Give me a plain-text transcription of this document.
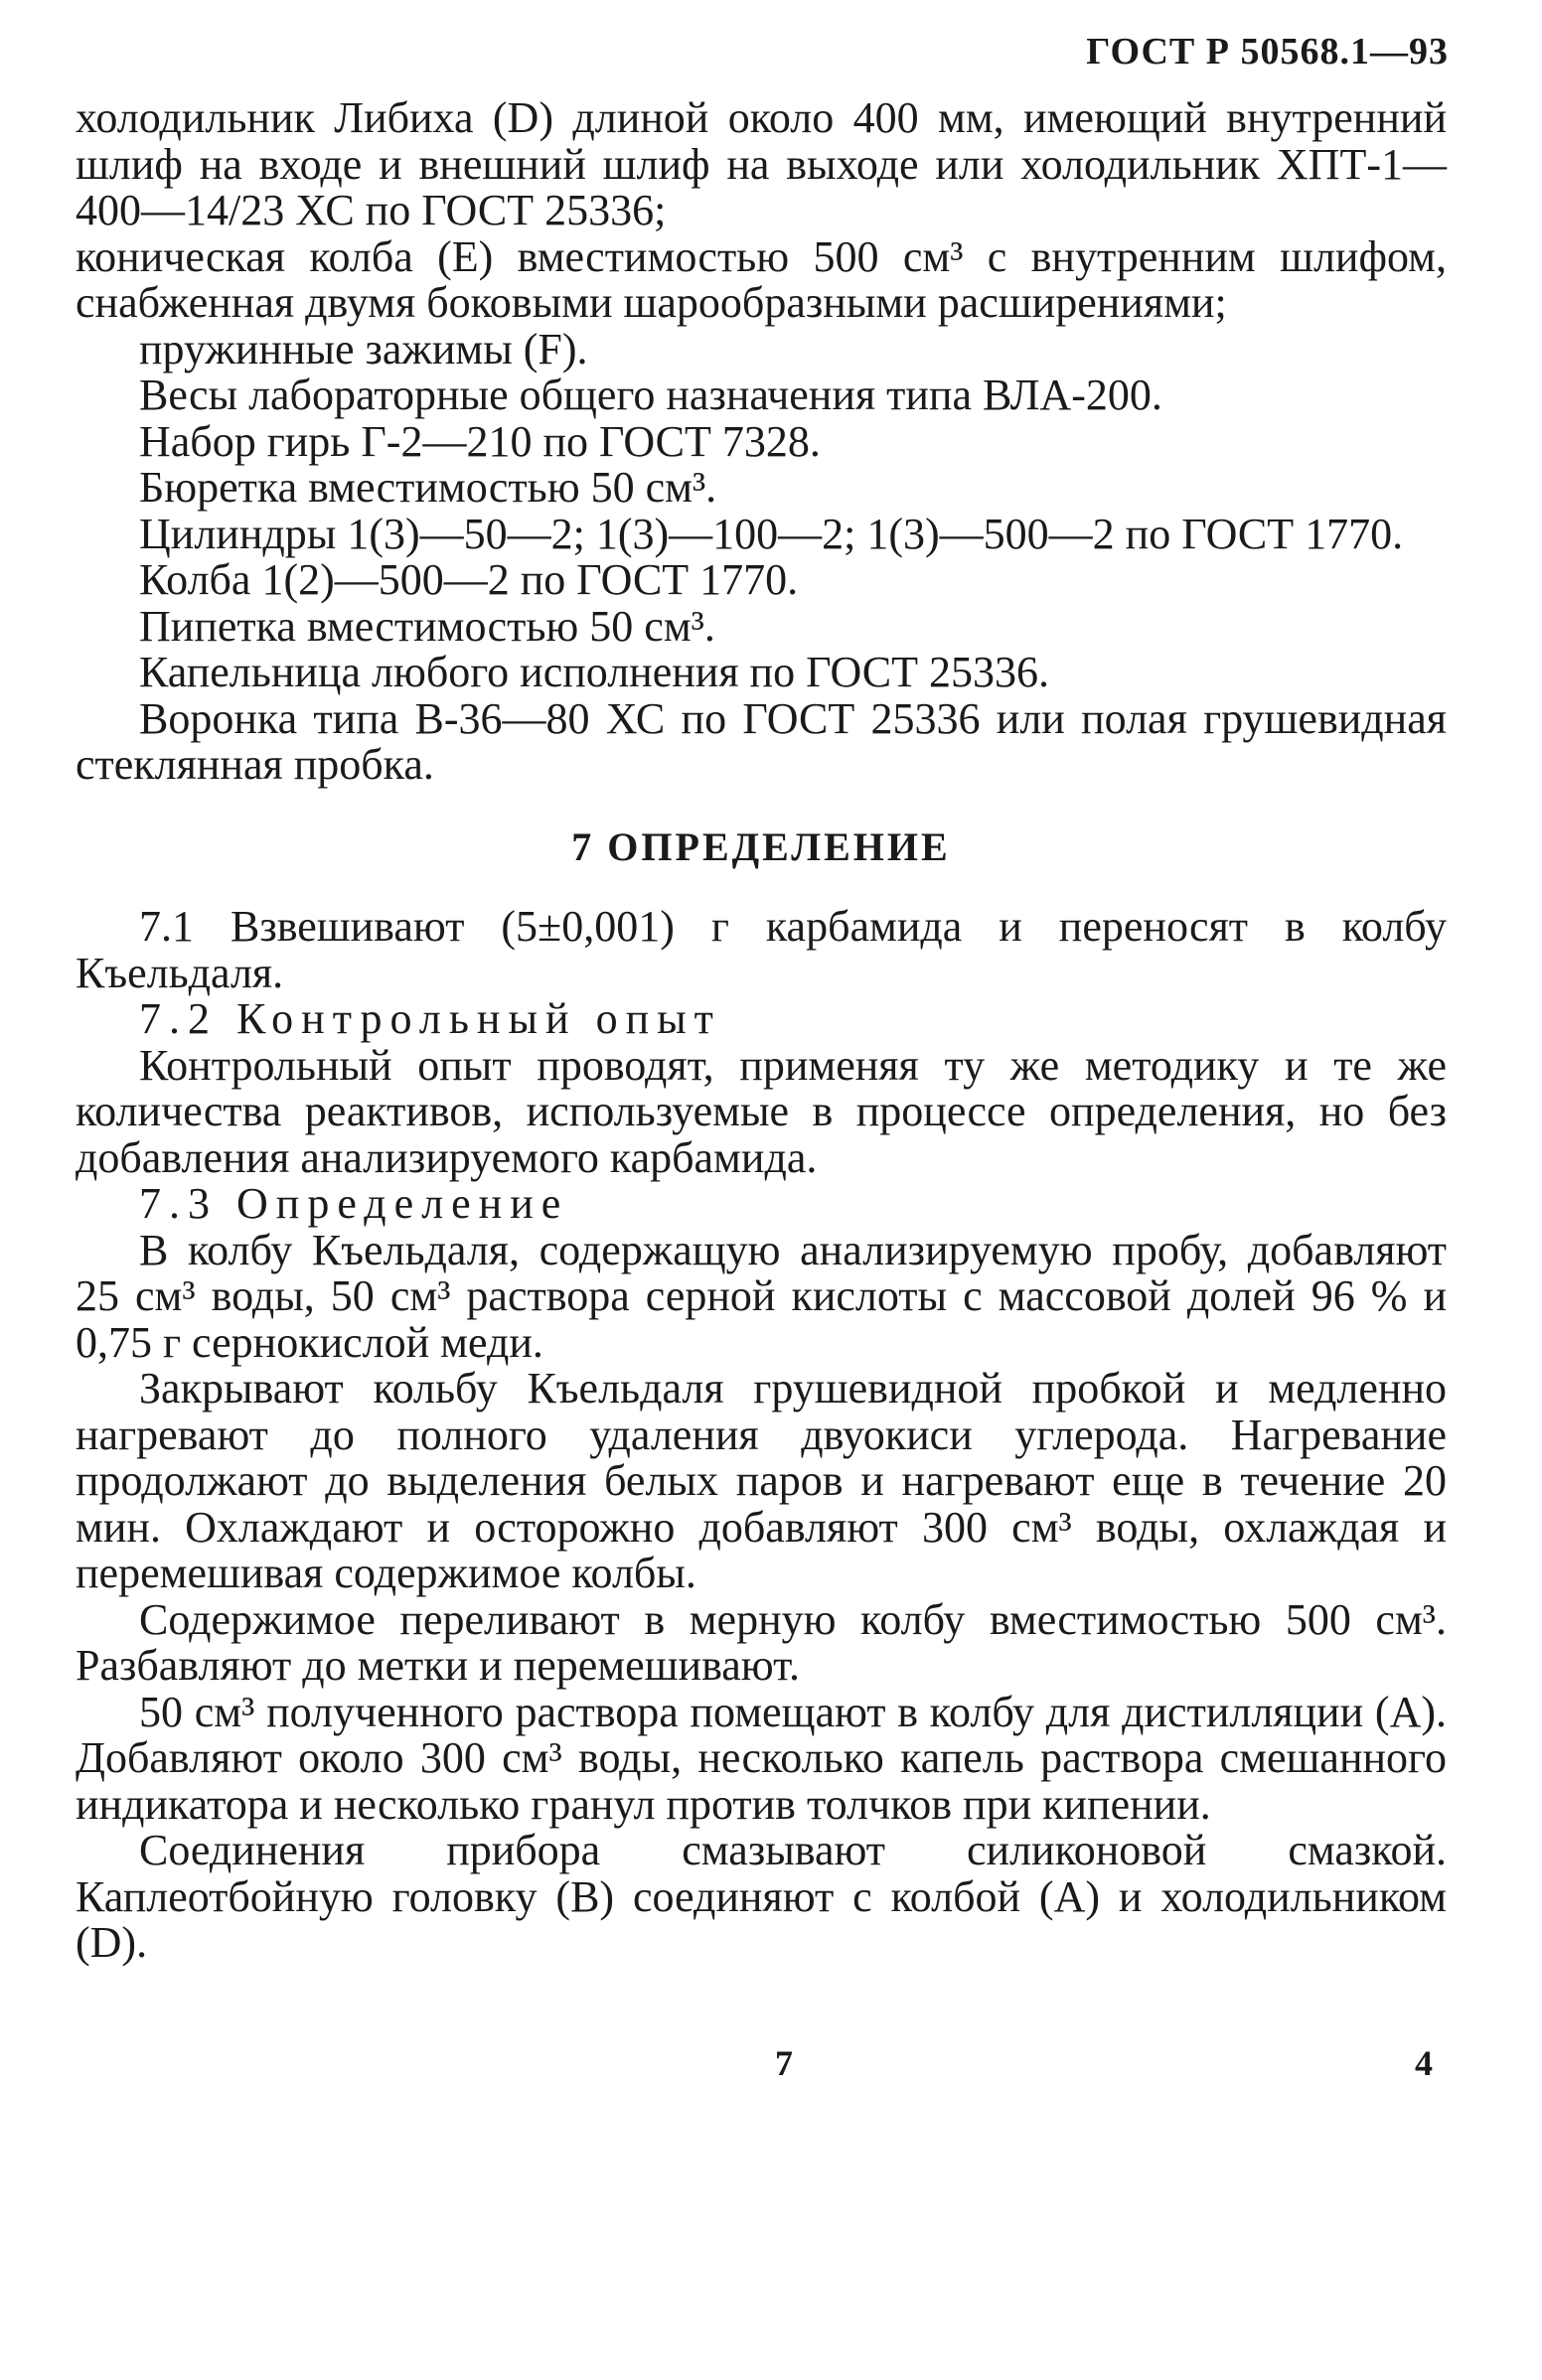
ГОСТ Р 50568.1—93

холодильник Либиха (D) длиной около 400 мм, имеющий внутренний шлиф на входе и внешний шлиф на выходе или холодильник ХПТ-1—400—14/23 ХС по ГОСТ 25336;

коническая колба (E) вместимостью 500 см³ с внутренним шлифом, снабженная двумя боковыми шарообразными расширениями;

пружинные зажимы (F).

Весы лабораторные общего назначения типа ВЛА-200.

Набор гирь Г-2—210 по ГОСТ 7328.

Бюретка вместимостью 50 см³.

Цилиндры 1(3)—50—2; 1(3)—100—2; 1(3)—500—2 по ГОСТ 1770.

Колба 1(2)—500—2 по ГОСТ 1770.

Пипетка вместимостью 50 см³.

Капельница любого исполнения по ГОСТ 25336.

Воронка типа В-36—80 ХС по ГОСТ 25336 или полая грушевидная стеклянная пробка.

7 ОПРЕДЕЛЕНИЕ

7.1 Взвешивают (5±0,001) г карбамида и переносят в колбу Къельдаля.

7.2 Контрольный опыт

Контрольный опыт проводят, применяя ту же методику и те же количества реактивов, используемые в процессе определения, но без добавления анализируемого карбамида.

7.3 Определение

В колбу Къельдаля, содержащую анализируемую пробу, добавляют 25 см³ воды, 50 см³ раствора серной кислоты с массовой долей 96 % и 0,75 г сернокислой меди.

Закрывают кольбу Къельдаля грушевидной пробкой и медленно нагревают до полного удаления двуокиси углерода. Нагревание продолжают до выделения белых паров и нагревают еще в течение 20 мин. Охлаждают и осторожно добавляют 300 см³ воды, охлаждая и перемешивая содержимое колбы.

Содержимое переливают в мерную колбу вместимостью 500 см³. Разбавляют до метки и перемешивают.

50 см³ полученного раствора помещают в колбу для дистилляции (A). Добавляют около 300 см³ воды, несколько капель раствора смешанного индикатора и несколько гранул против толчков при кипении.

Соединения прибора смазывают силиконовой смазкой. Каплеотбойную головку (B) соединяют с колбой (A) и холодильником (D).

7	4
